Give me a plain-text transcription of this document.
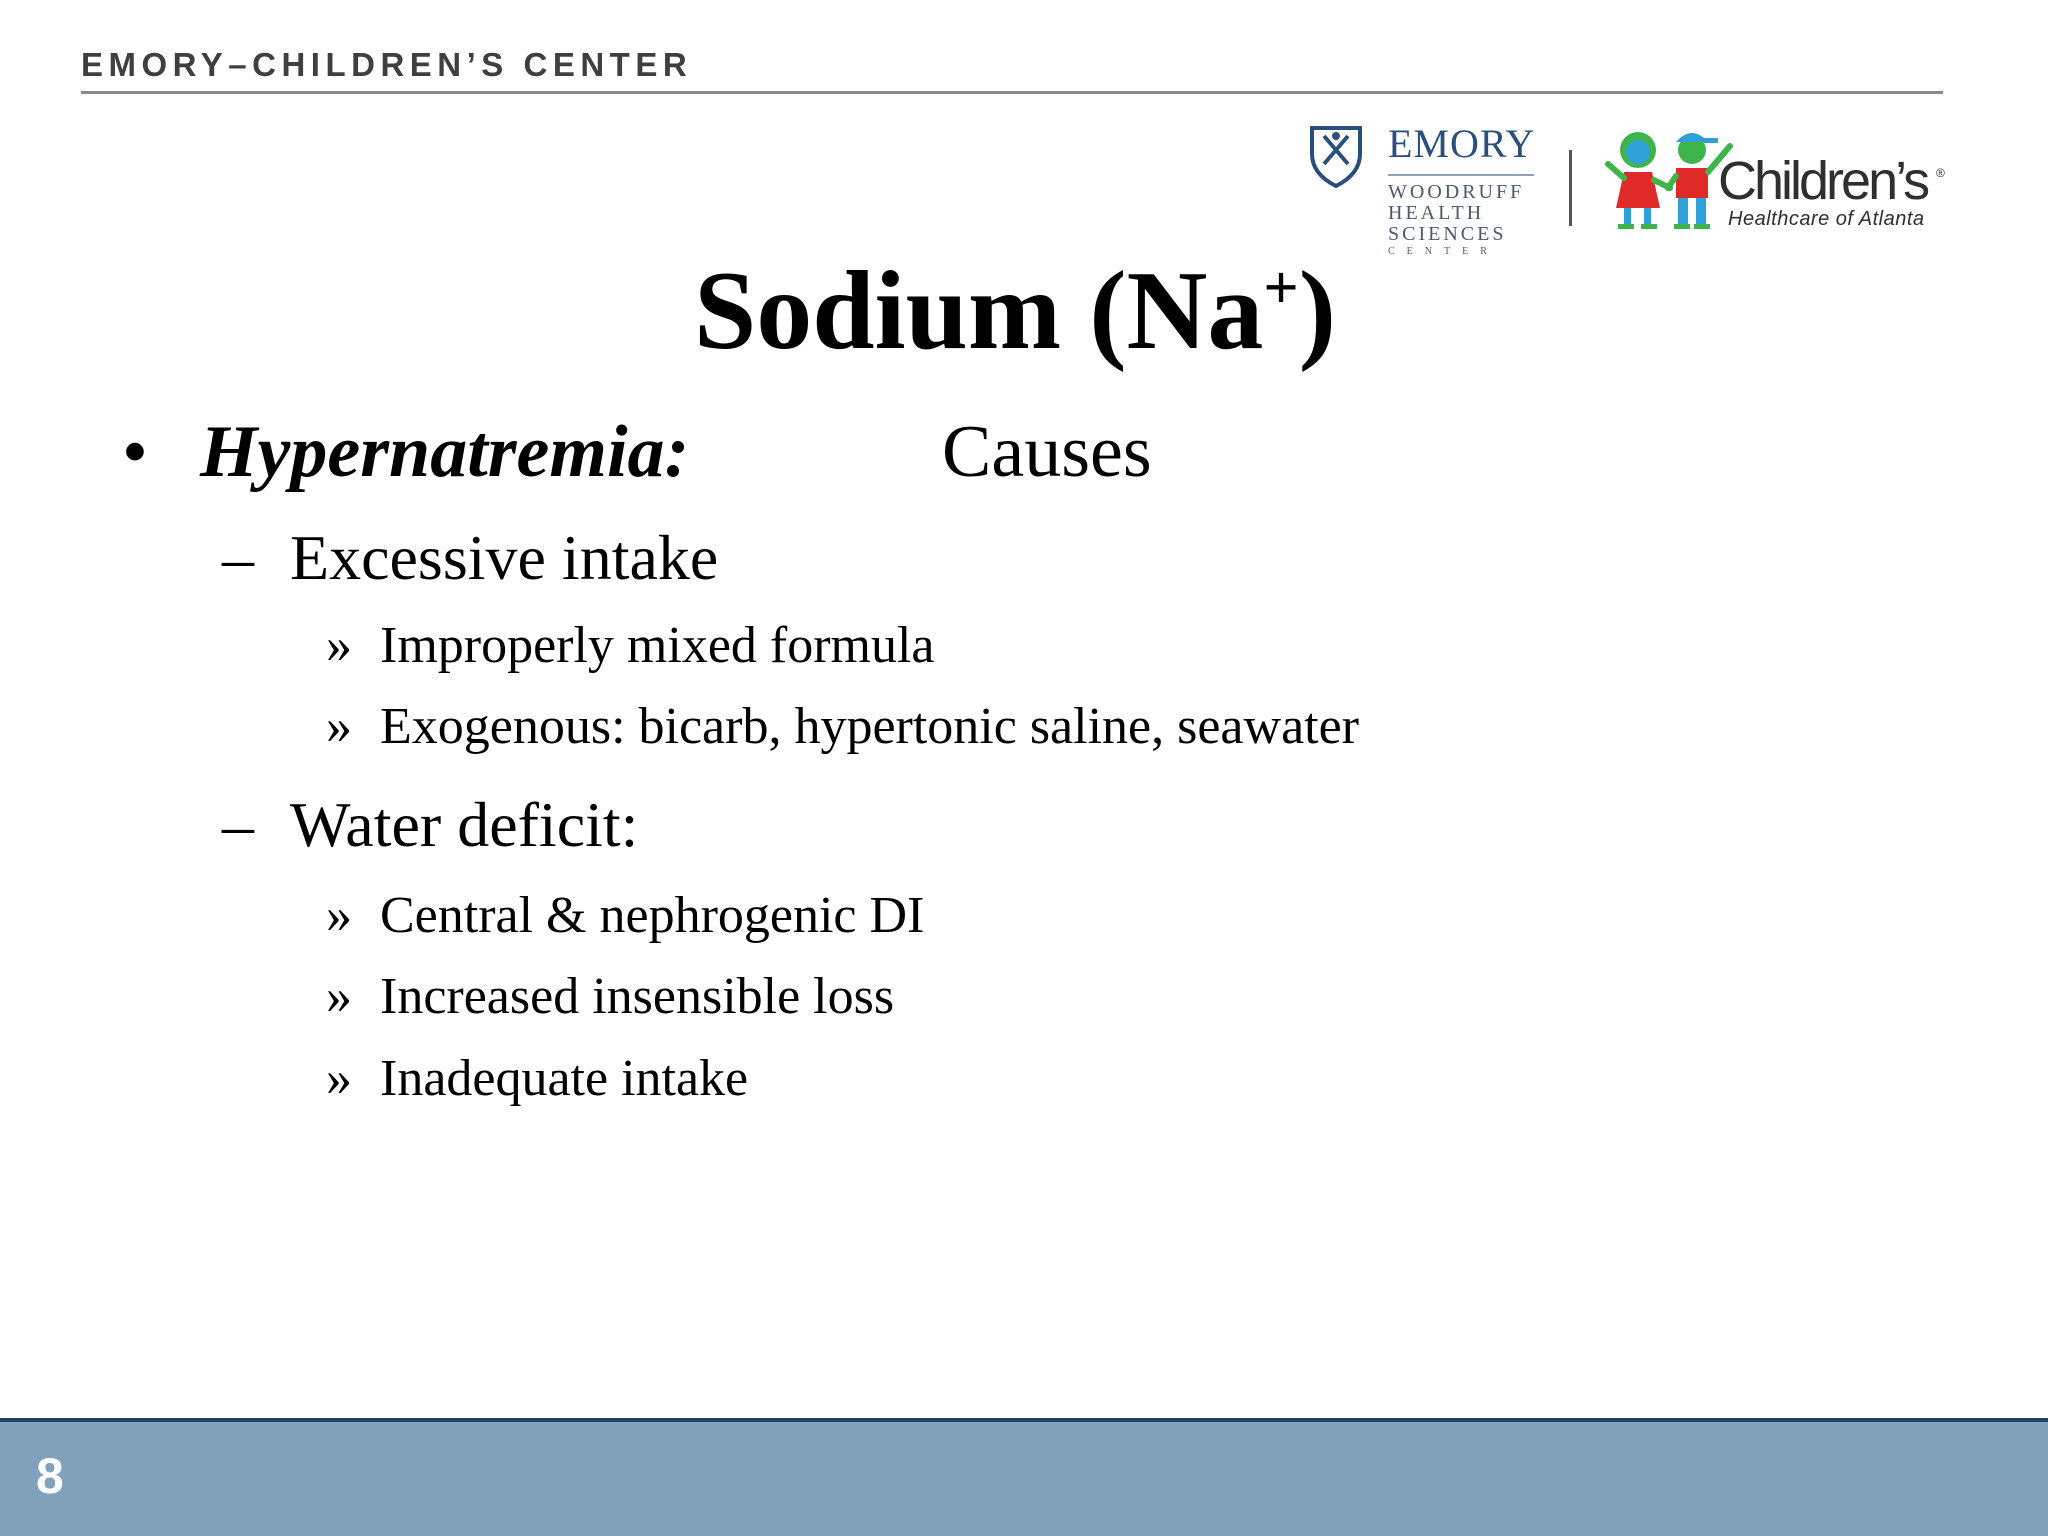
EMORY–CHILDREN’S CENTER
EMORY
WOODRUFF
HEALTH
SCIENCES
CENTER
Children’s ®
Healthcare of Atlanta
Sodium (Na+)
• Hypernatremia:	Causes
– Excessive intake
» Improperly mixed formula
» Exogenous: bicarb, hypertonic saline, seawater
– Water deficit:
» Central & nephrogenic DI
» Increased insensible loss
» Inadequate intake
8
